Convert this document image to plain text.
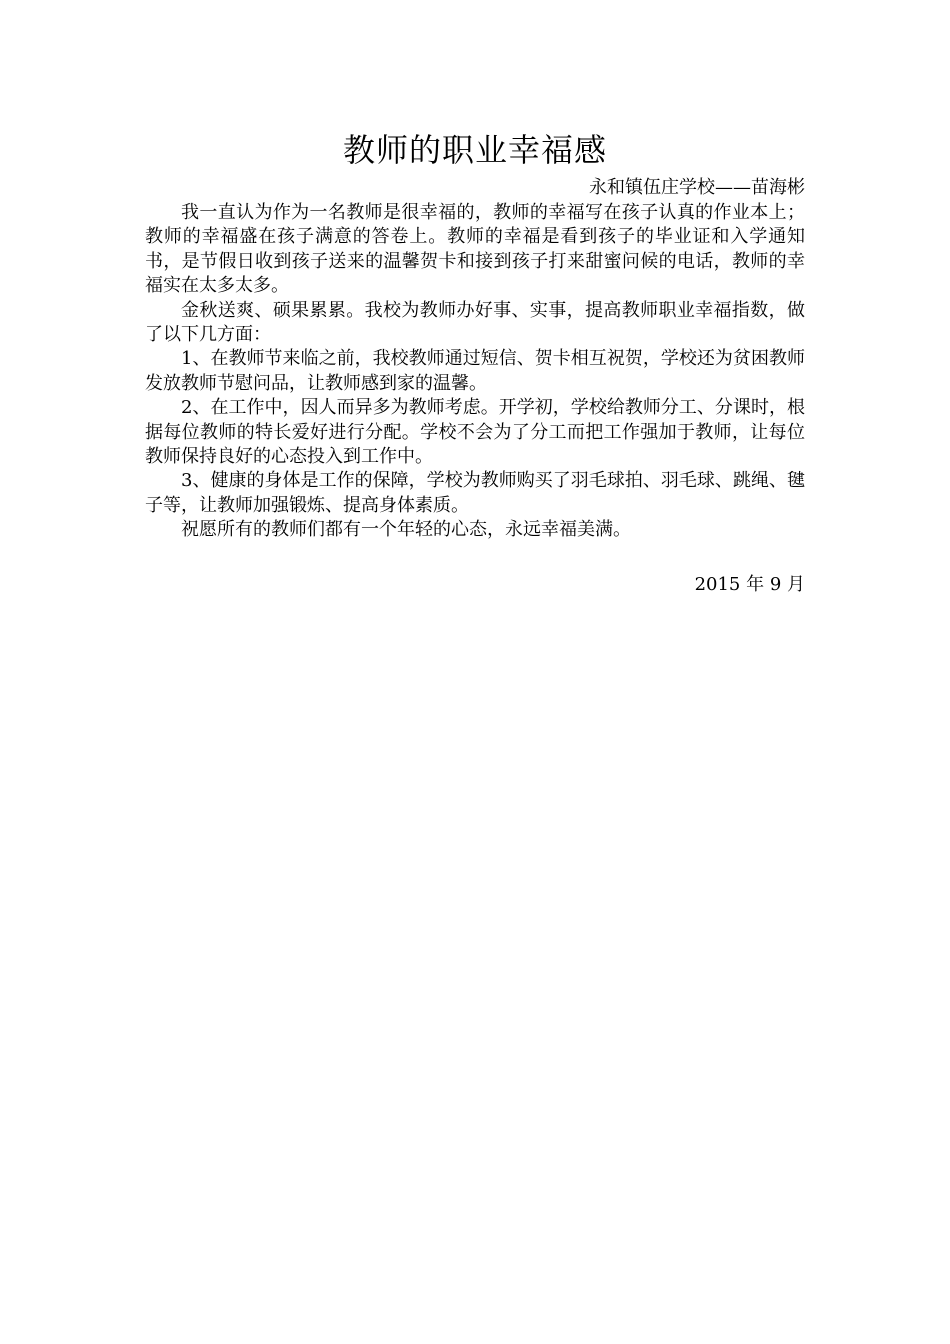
教师的职业幸福感
永和镇伍庄学校——苗海彬

我一直认为作为一名教师是很幸福的，教师的幸福写在孩子认真的作业本上；教师的幸福盛在孩子满意的答卷上。教师的幸福是看到孩子的毕业证和入学通知书，是节假日收到孩子送来的温馨贺卡和接到孩子打来甜蜜问候的电话，教师的幸福实在太多太多。

金秋送爽、硕果累累。我校为教师办好事、实事，提高教师职业幸福指数，做了以下几方面：

1、在教师节来临之前，我校教师通过短信、贺卡相互祝贺，学校还为贫困教师发放教师节慰问品，让教师感到家的温馨。

2、在工作中，因人而异多为教师考虑。开学初，学校给教师分工、分课时，根据每位教师的特长爱好进行分配。学校不会为了分工而把工作强加于教师，让每位教师保持良好的心态投入到工作中。

3、健康的身体是工作的保障，学校为教师购买了羽毛球拍、羽毛球、跳绳、毽子等，让教师加强锻炼、提高身体素质。

祝愿所有的教师们都有一个年轻的心态，永远幸福美满。

2015 年 9 月
